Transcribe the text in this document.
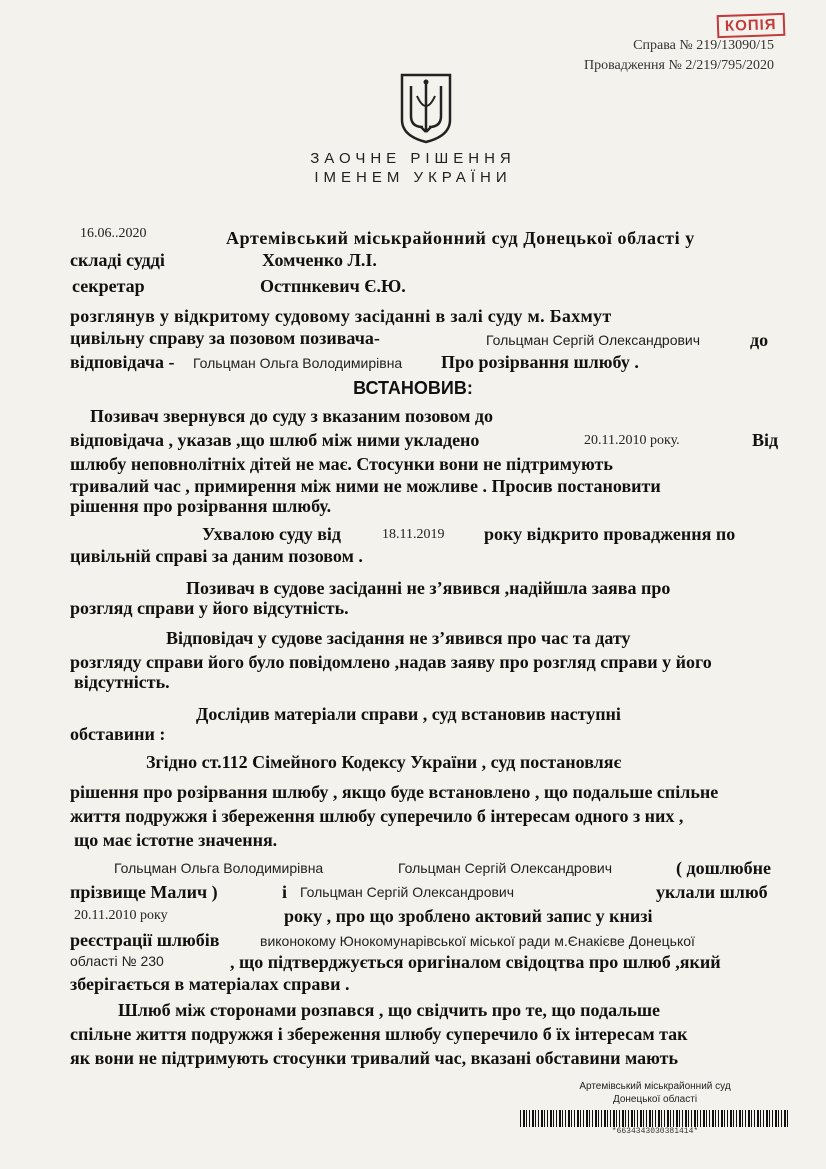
КОПІЯ
Справа № 219/13090/15
Провадження № 2/219/795/2020
ЗАОЧНЕ РІШЕННЯ
ІМЕНЕМ УКРАЇНИ
16.06..2020	Артемівський міськрайонний суд Донецької області у
складі судді	Хомченко Л.І.
секретар	Остпнкевич Є.Ю.
розглянув у відкритому судовому засіданні в залі суду м. Бахмут
цивільну справу за позовом позивача-	Гольцман Сергій Олександрович	до
відповідача - Гольцман Ольга Володимирівна Про розірвання шлюбу .
ВСТАНОВИВ:
Позивач звернувся до суду з вказаним позовом до
відповідача , указав ,що шлюб між ними укладено	20.11.2010 року.	Від
шлюбу неповнолітніх дітей не має. Стосунки вони не підтримують
тривалий час , примирення між ними не можливе . Просив постановити
рішення про розірвання шлюбу.
Ухвалою суду від	18.11.2019 року відкрито провадження по
цивільній справі за даним позовом .
Позивач в судове засіданні не з’явився ,надійшла заява про
розгляд справи у його відсутність.
Відповідач у судове засідання не з’явився про час та дату
розгляду справи його було повідомлено ,надав заяву про розгляд справи у його
відсутність.
Дослідив матеріали справи , суд встановив наступні
обставини :
Згідно ст.112 Сімейного Кодексу України , суд постановляє
рішення про розірвання шлюбу , якщо буде встановлено , що подальше спільне
життя подружжя і збереження шлюбу суперечило б інтересам одного з них ,
що має істотне значення.
Гольцман Ольга Володимирівна	Гольцман Сергій Олександрович	( дошлюбне
прізвище Малич )	і Гольцман Сергій Олександрович	уклали шлюб
20.11.2010 року	року , про що зроблено актовий запис у книзі
реєстрації шлюбів	виконокому Юнокомунарівської міської ради м.Єнакієве Донецької
області № 230	, що підтверджується оригіналом свідоцтва про шлюб ,який
зберігається в матеріалах справи .
Шлюб між сторонами розпався , що свідчить про те, що подальше
спільне життя подружжя і збереження шлюбу суперечило б їх інтересам так
як вони не підтримують стосунки тривалий час, вказані обставини мають
Артемівський міськрайонний суд
Донецької області
*6634343030381414*
